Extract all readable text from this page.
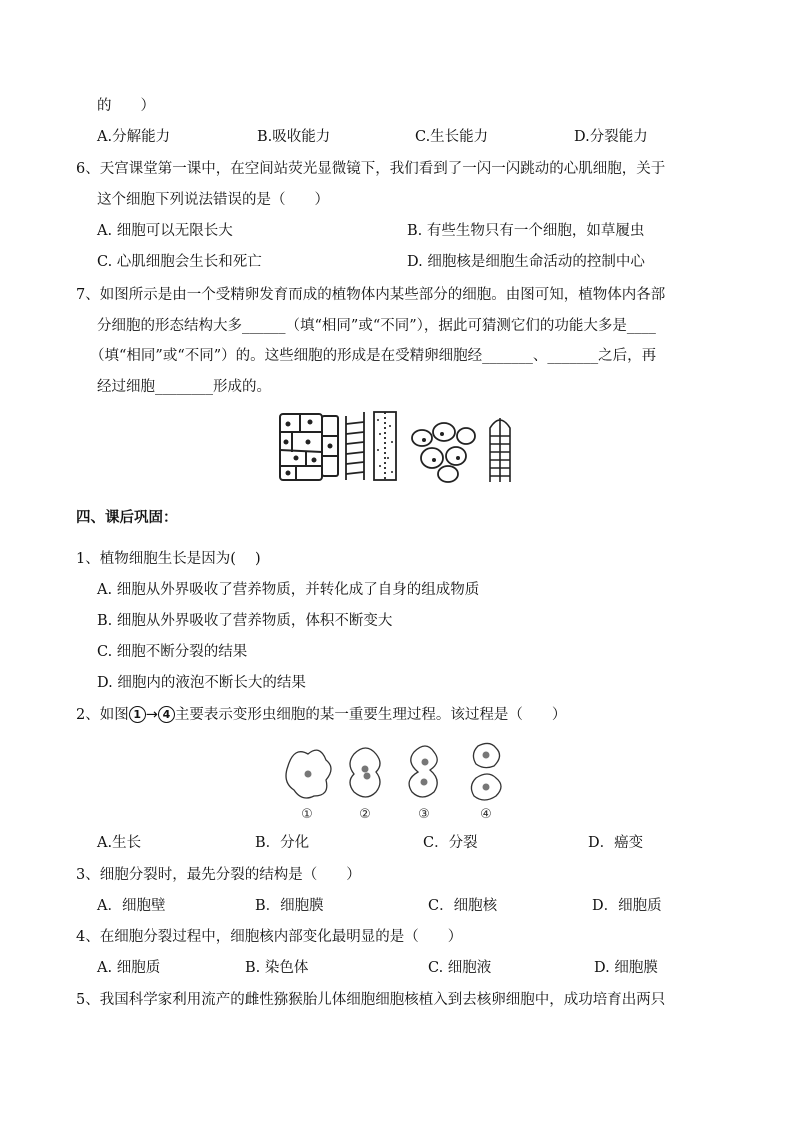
的　　）
A.分解能力	B.吸收能力	C.生长能力	D.分裂能力
6、天宫课堂第一课中，在空间站荧光显微镜下，我们看到了一闪一闪跳动的心肌细胞，关于
这个细胞下列说法错误的是（　　）
A. 细胞可以无限长大	B. 有些生物只有一个细胞，如草履虫
C. 心肌细胞会生长和死亡	D. 细胞核是细胞生命活动的控制中心
7、如图所示是由一个受精卵发育而成的植物体内某些部分的细胞。由图可知，植物体内各部
分细胞的形态结构大多______（填“相同”或“不同”），据此可猜测它们的功能大多是____
（填“相同”或“不同”）的。这些细胞的形成是在受精卵细胞经_______、_______之后，再
经过细胞________形成的。
四、课后巩固：
1、植物细胞生长是因为(　 )
A. 细胞从外界吸收了营养物质，并转化成了自身的组成物质
B. 细胞从外界吸收了营养物质，体积不断变大
C. 细胞不断分裂的结果
D. 细胞内的液泡不断长大的结果
2、如图 1 → 4 主要表示变形虫细胞的某一重要生理过程。该过程是（　　）
①	②	③	④
A.生长	B．分化	C．分裂	D．癌变
3、细胞分裂时，最先分裂的结构是（　　）
A．细胞壁	B．细胞膜	C．细胞核	D．细胞质
4、在细胞分裂过程中，细胞核内部变化最明显的是（　　）
A. 细胞质	B. 染色体	C. 细胞液	D. 细胞膜
5、我国科学家利用流产的雌性猕猴胎儿体细胞细胞核植入到去核卵细胞中，成功培育出两只
